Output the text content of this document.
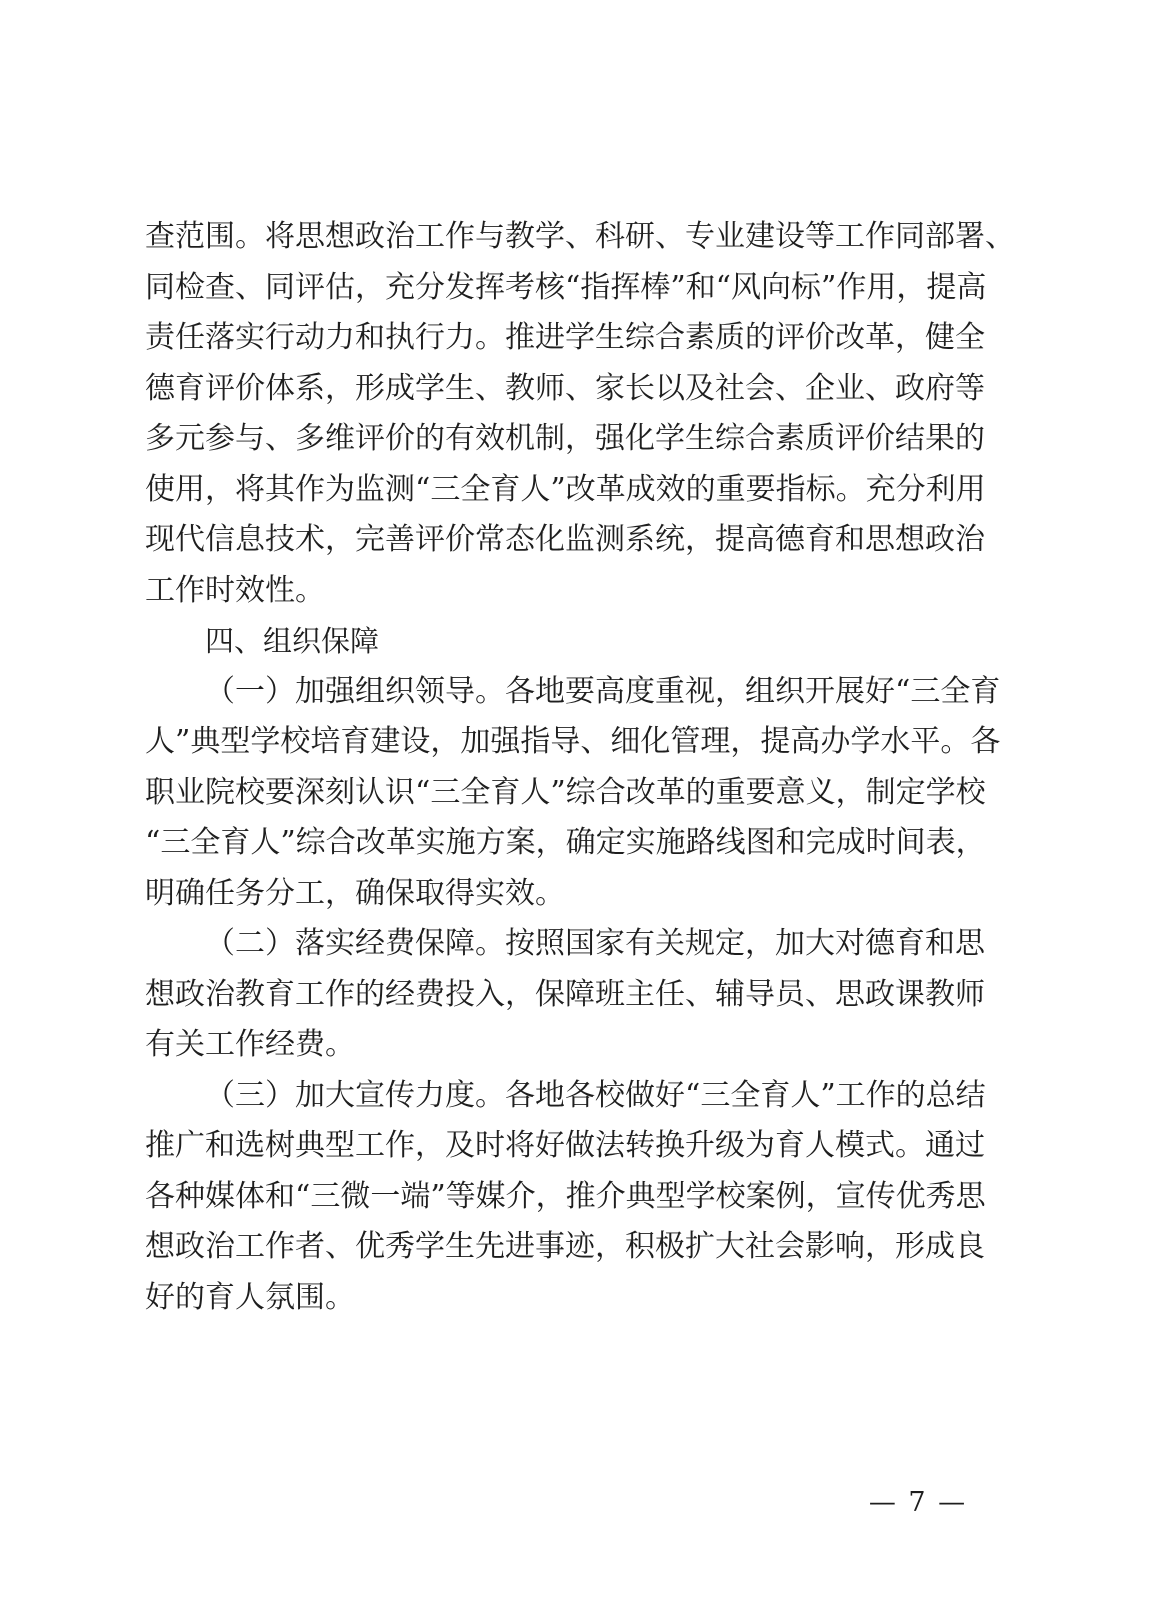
查范围。将思想政治工作与教学、科研、专业建设等工作同部署、
同检查、同评估，充分发挥考核“指挥棒”和“风向标”作用，提高
责任落实行动力和执行力。推进学生综合素质的评价改革，健全
德育评价体系，形成学生、教师、家长以及社会、企业、政府等
多元参与、多维评价的有效机制，强化学生综合素质评价结果的
使用，将其作为监测“三全育人”改革成效的重要指标。充分利用
现代信息技术，完善评价常态化监测系统，提高德育和思想政治
工作时效性。
四、组织保障
（一）加强组织领导。各地要高度重视，组织开展好“三全育
人”典型学校培育建设，加强指导、细化管理，提高办学水平。各
职业院校要深刻认识“三全育人”综合改革的重要意义，制定学校
“三全育人”综合改革实施方案，确定实施路线图和完成时间表，
明确任务分工，确保取得实效。
（二）落实经费保障。按照国家有关规定，加大对德育和思
想政治教育工作的经费投入，保障班主任、辅导员、思政课教师
有关工作经费。
（三）加大宣传力度。各地各校做好“三全育人”工作的总结
推广和选树典型工作，及时将好做法转换升级为育人模式。通过
各种媒体和“三微一端”等媒介，推介典型学校案例，宣传优秀思
想政治工作者、优秀学生先进事迹，积极扩大社会影响，形成良
好的育人氛围。
— 7 —
